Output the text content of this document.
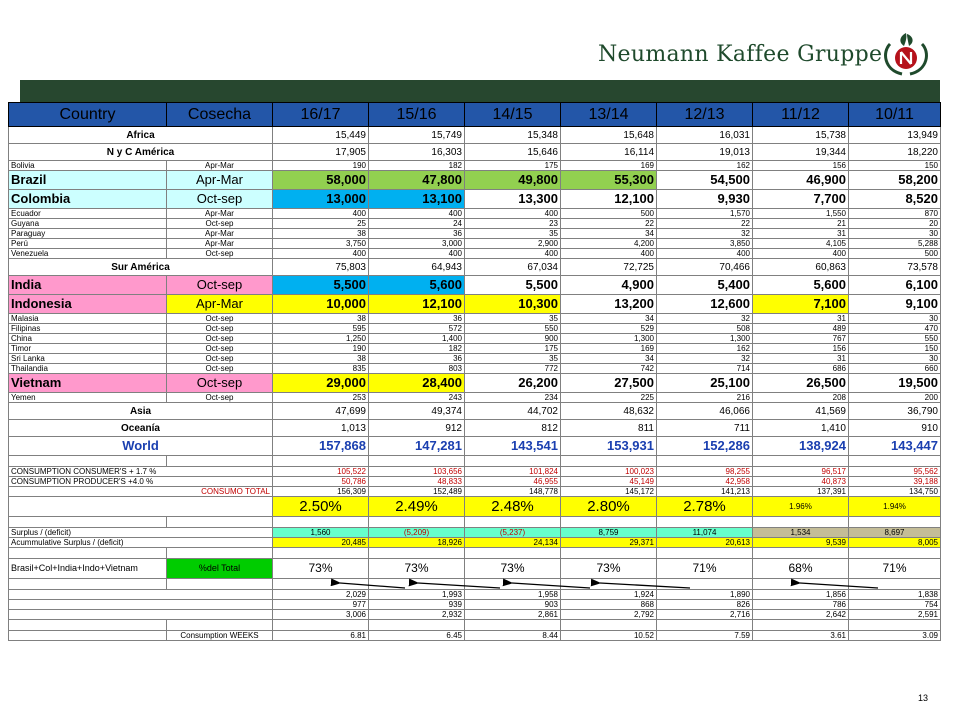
Neumann Kaffee Gruppe
Country	Cosecha	16/17	15/16	14/15	13/14	12/13	11/12	10/11
Africa		15,449	15,749	15,348	15,648	16,031	15,738	13,949
N y C América		17,905	16,303	15,646	16,114	19,013	19,344	18,220
Bolivia	Apr-Mar	190	182	175	169	162	156	150
Brazil	Apr-Mar	58,000	47,800	49,800	55,300	54,500	46,900	58,200
Colombia	Oct-sep	13,000	13,100	13,300	12,100	9,930	7,700	8,520
Ecuador	Apr-Mar	400	400	400	500	1,570	1,550	870
Guyana	Oct-sep	25	24	23	22	22	21	20
Paraguay	Apr-Mar	38	36	35	34	32	31	30
Perú	Apr-Mar	3,750	3,000	2,900	4,200	3,850	4,105	5,288
Venezuela	Oct-sep	400	400	400	400	400	400	500
Sur América		75,803	64,943	67,034	72,725	70,466	60,863	73,578
India	Oct-sep	5,500	5,600	5,500	4,900	5,400	5,600	6,100
Indonesia	Apr-Mar	10,000	12,100	10,300	13,200	12,600	7,100	9,100
Malasia	Oct-sep	38	36	35	34	32	31	30
Filipinas	Oct-sep	595	572	550	529	508	489	470
China	Oct-sep	1,250	1,400	900	1,300	1,300	767	550
Timor	Oct-sep	190	182	175	169	162	156	150
Sri Lanka	Oct-sep	38	36	35	34	32	31	30
Thailandia	Oct-sep	835	803	772	742	714	686	660
Vietnam	Oct-sep	29,000	28,400	26,200	27,500	25,100	26,500	19,500
Yemen	Oct-sep	253	243	234	225	216	208	200
Asia		47,699	49,374	44,702	48,632	46,066	41,569	36,790
Oceanía		1,013	912	812	811	711	1,410	910
World		157,868	147,281	143,541	153,931	152,286	138,924	143,447

CONSUMPTION CONSUMER'S + 1.7 %		105,522	103,656	101,824	100,023	98,255	96,517	95,562
CONSUMPTION PRODUCER'S +4.0 %		50,786	48,833	46,955	45,149	42,958	40,873	39,188
CONSUMO TOTAL		156,309	152,489	148,778	145,172	141,213	137,391	134,750
		2.50%	2.49%	2.48%	2.80%	2.78%	1.96%	1.94%

Surplus / (deficit)		1,560	(5,209)	(5,237)	8,759	11,074	1,534	8,697
Acummulative Surplus / (deficit)		20,485	18,926	24,134	29,371	20,613	9,539	8,005

Brasil+Col+India+Indo+Vietnam	%del Total	73%	73%	73%	73%	71%	68%	71%

		2,029	1,993	1,958	1,924	1,890	1,856	1,838
		977	939	903	868	826	786	754
		3,006	2,932	2,861	2,792	2,716	2,642	2,591

	Consumption WEEKS	6.81	6.45	8.44	10.52	7.59	3.61	3.09
13
